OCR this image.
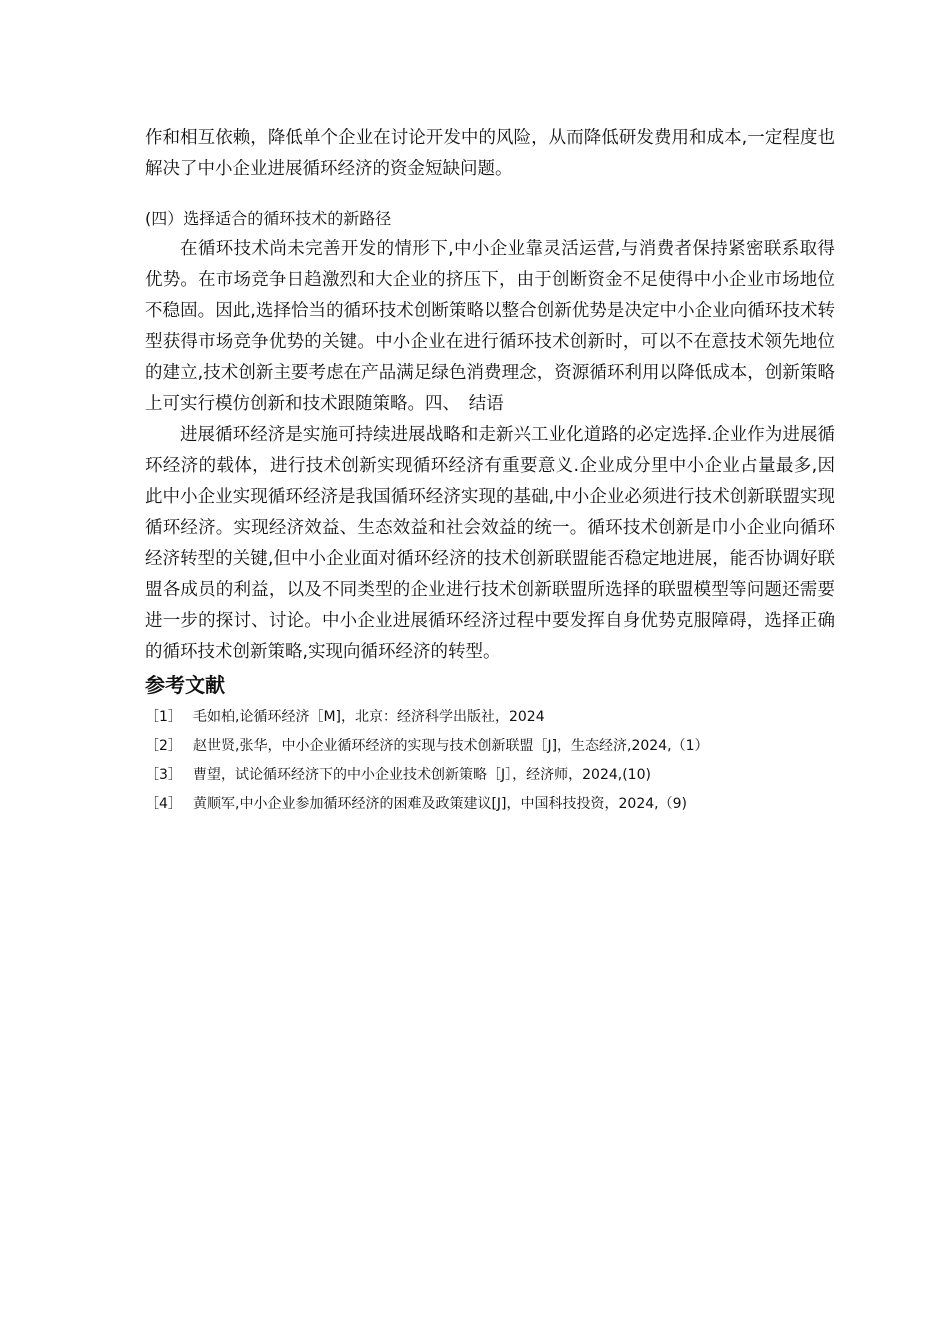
作和相互依赖，降低单个企业在讨论开发中的风险，从而降低研发费用和成本,一定程度也解决了中小企业进展循环经济的资金短缺问题。

(四）选择适合的循环技术的新路径

在循环技术尚未完善开发的情形下,中小企业靠灵活运营,与消费者保持紧密联系取得优势。在市场竞争日趋激烈和大企业的挤压下，由于创断资金不足使得中小企业市场地位不稳固。因此,选择恰当的循环技术创断策略以整合创新优势是决定中小企业向循环技术转型获得市场竞争优势的关键。中小企业在进行循环技术创新时，可以不在意技术领先地位的建立,技术创新主要考虑在产品满足绿色消费理念，资源循环利用以降低成本，创新策略上可实行模仿创新和技术跟随策略。四、　结语

进展循环经济是实施可持续进展战略和走新兴工业化道路的必定选择.企业作为进展循环经济的载体，进行技术创新实现循环经济有重要意义.企业成分里中小企业占量最多,因此中小企业实现循环经济是我国循环经济实现的基础,中小企业必须进行技术创新联盟实现循环经济。实现经济效益、生态效益和社会效益的统一。循环技术创新是巾小企业向循环经济转型的关键,但中小企业面对循环经济的技术创新联盟能否稳定地进展，能否协调好联盟各成员的利益，以及不同类型的企业进行技术创新联盟所选择的联盟模型等问题还需要进一步的探讨、讨论。中小企业进展循环经济过程中要发挥自身优势克服障碍，选择正确的循环技术创新策略,实现向循环经济的转型。

参考文献

［1］ 毛如柏,论循环经济［M]，北京：经济科学出版社，2024

［2］ 赵世贤,张华，中小企业循环经济的实现与技术创新联盟［J]，生态经济,2024,（1）

［3］ 曹望，试论循环经济下的中小企业技术创新策略［J］，经济师，2024,(10)

［4］ 黄顺军,中小企业参加循环经济的困难及政策建议[J]，中国科技投资，2024,（9)
